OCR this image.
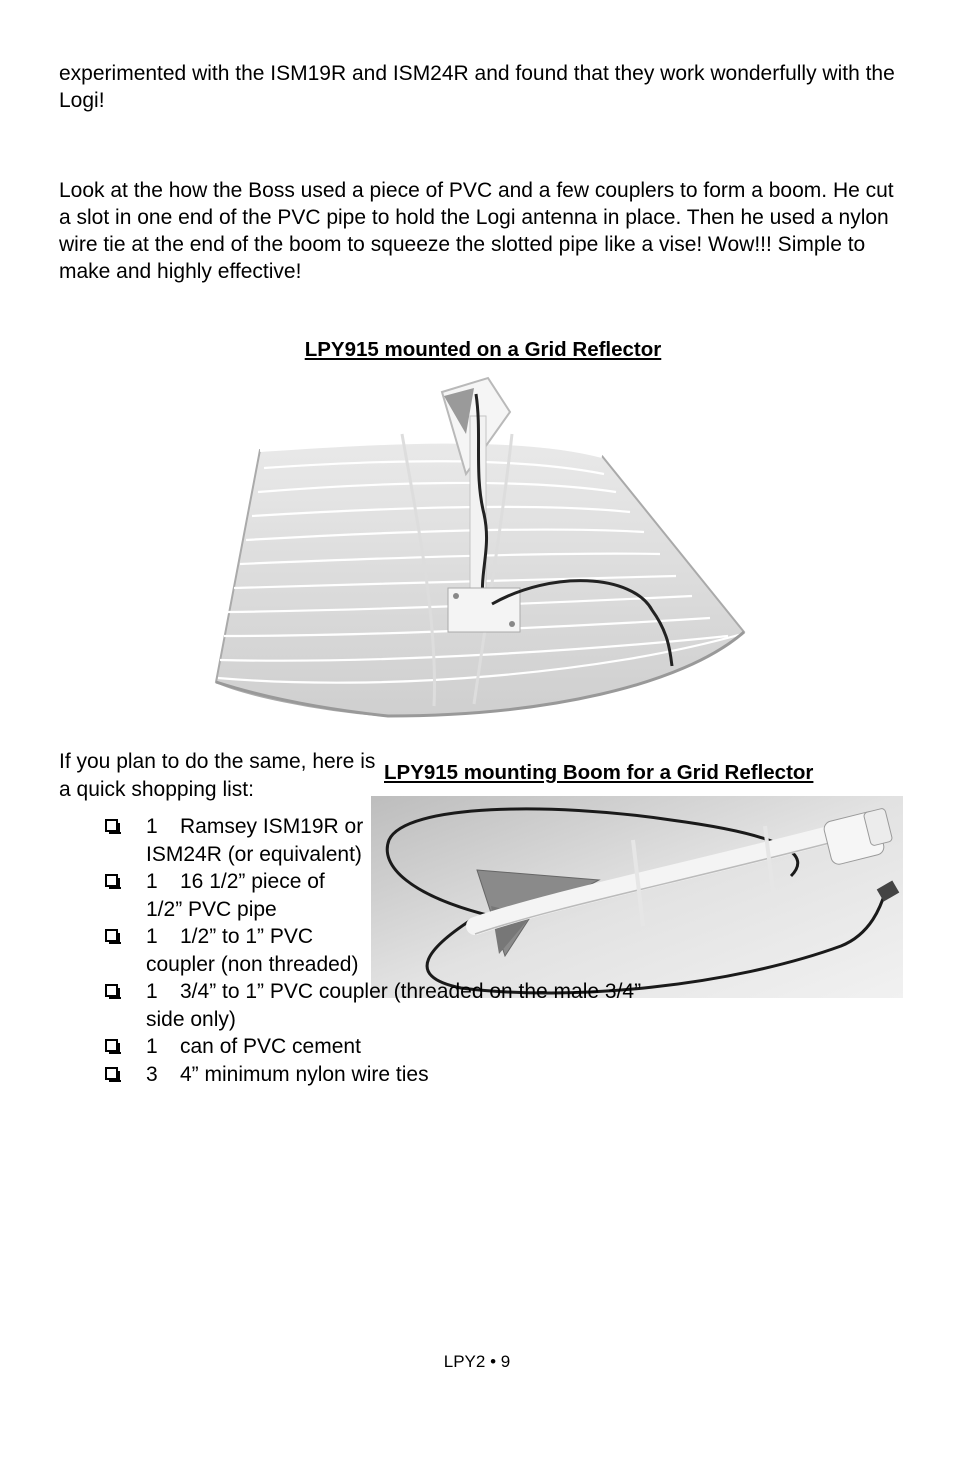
experimented with the ISM19R and ISM24R and found that they work wonderfully with the Logi!

Look at the how the Boss used a piece of PVC and a few couplers to form a boom. He cut a slot in one end of the PVC pipe to hold the Logi antenna in place. Then he used a nylon wire tie at the end of the boom to squeeze the slotted pipe like a vise! Wow!!! Simple to make and highly effective!

LPY915 mounted on a Grid Reflector

If you plan to do the same, here is a quick shopping list:

LPY915 mounting Boom for a Grid Reflector

1 Ramsey ISM19R or ISM24R (or equivalent)
1 16 1/2” piece of 1/2” PVC pipe
1 1/2” to 1” PVC coupler (non threaded)
1 3/4” to 1” PVC coupler (threaded on the male 3/4” side only)
1 can of PVC cement
3 4” minimum nylon wire ties

LPY2 • 9
